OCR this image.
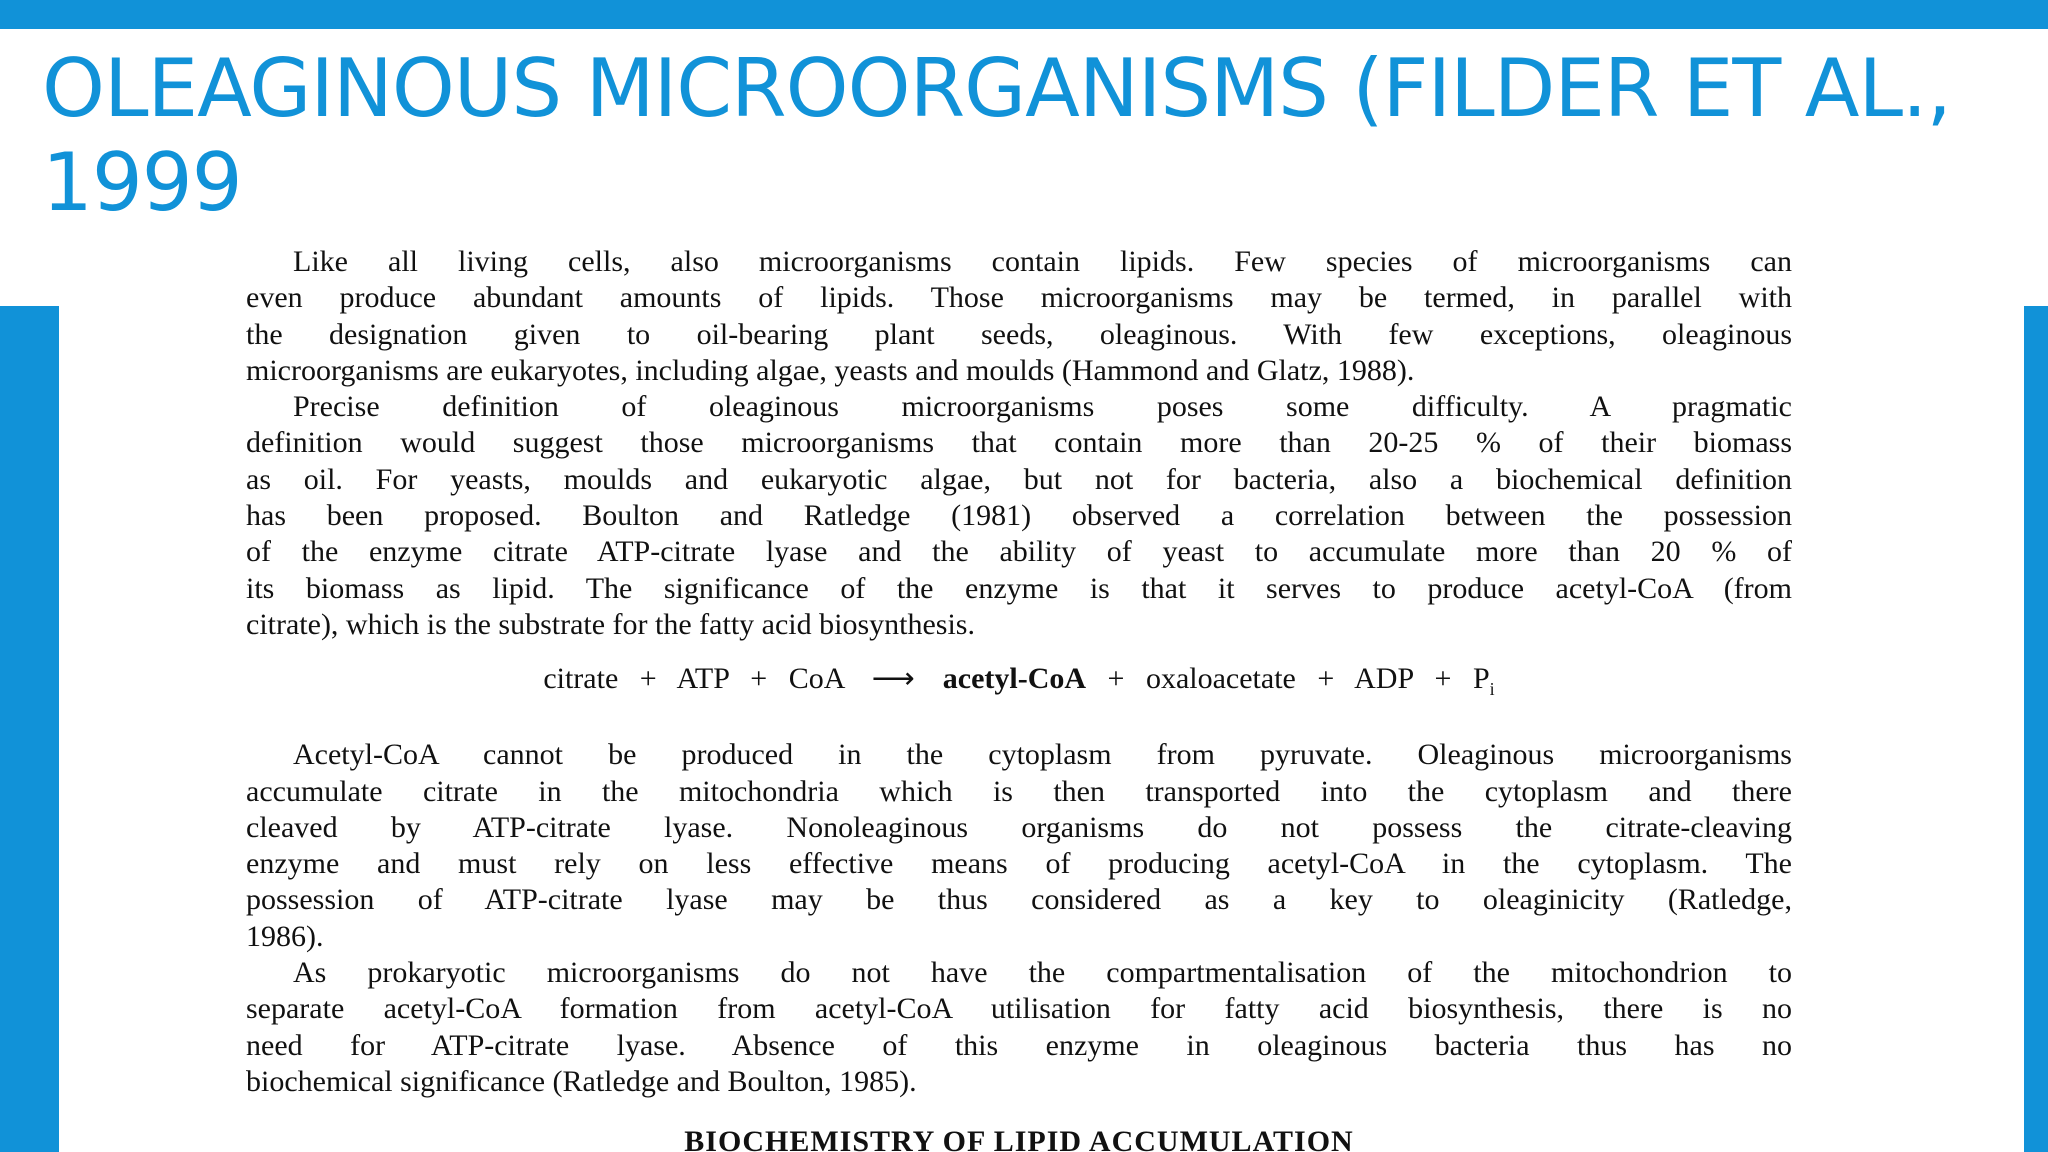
OLEAGINOUS MICROORGANISMS (FILDER ET AL.,
1999

Like all living cells, also microorganisms contain lipids. Few species of microorganisms can

even produce abundant amounts of lipids. Those microorganisms may be termed, in parallel with

the designation given to oil-bearing plant seeds, oleaginous. With few exceptions, oleaginous

microorganisms are eukaryotes, including algae, yeasts and moulds (Hammond and Glatz, 1988).

Precise definition of oleaginous microorganisms poses some difficulty. A pragmatic

definition would suggest those microorganisms that contain more than 20-25 % of their biomass

as oil. For yeasts, moulds and eukaryotic algae, but not for bacteria, also a biochemical definition

has been proposed. Boulton and Ratledge (1981) observed a correlation between the possession

of the enzyme citrate ATP-citrate lyase and the ability of yeast to accumulate more than 20 % of

its biomass as lipid. The significance of the enzyme is that it serves to produce acetyl-CoA (from

citrate), which is the substrate for the fatty acid biosynthesis.

citrate + ATP + CoA ⟶ acetyl-CoA + oxaloacetate + ADP + $P_i$

Acetyl-CoA cannot be produced in the cytoplasm from pyruvate. Oleaginous microorganisms

accumulate citrate in the mitochondria which is then transported into the cytoplasm and there

cleaved by ATP-citrate lyase. Nonoleaginous organisms do not possess the citrate-cleaving

enzyme and must rely on less effective means of producing acetyl-CoA in the cytoplasm. The

possession of ATP-citrate lyase may be thus considered as a key to oleaginicity (Ratledge,

1986).

As prokaryotic microorganisms do not have the compartmentalisation of the mitochondrion to

separate acetyl-CoA formation from acetyl-CoA utilisation for fatty acid biosynthesis, there is no

need for ATP-citrate lyase. Absence of this enzyme in oleaginous bacteria thus has no

biochemical significance (Ratledge and Boulton, 1985).

BIOCHEMISTRY OF LIPID ACCUMULATION
